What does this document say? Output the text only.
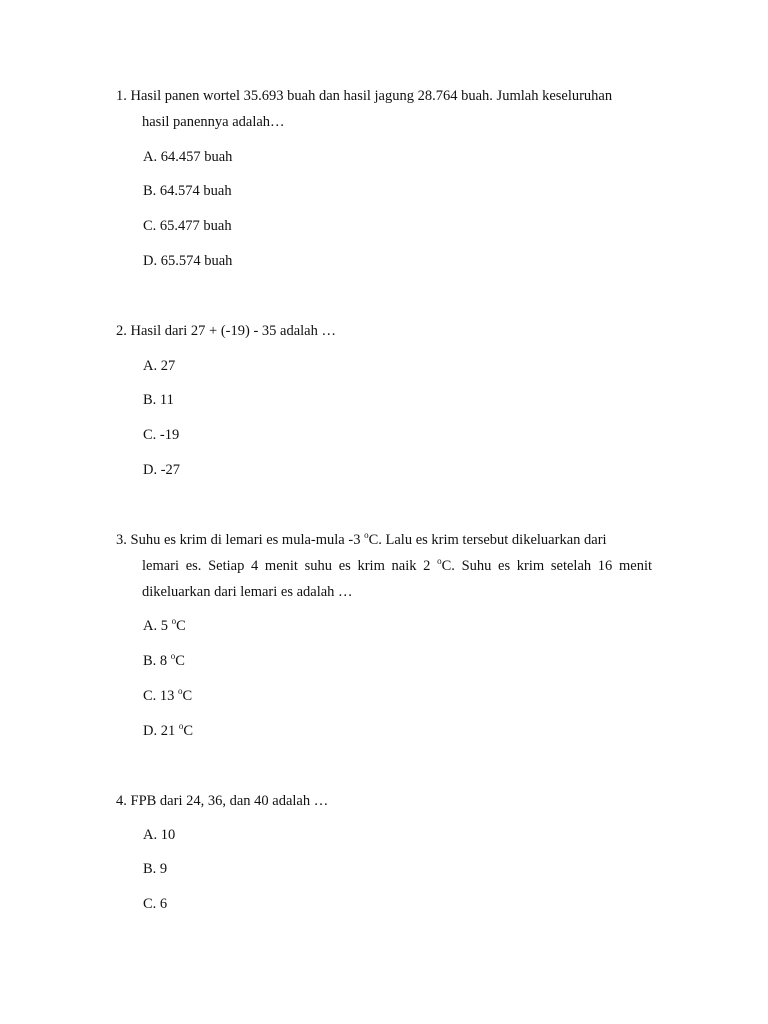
1. Hasil panen wortel 35.693 buah dan hasil jagung 28.764 buah. Jumlah keseluruhan
hasil panennya adalah…
A. 64.457 buah
B. 64.574 buah
C. 65.477 buah
D. 65.574 buah
2. Hasil dari 27 + (-19) - 35 adalah …
A. 27
B. 11
C. -19
D. -27
3. Suhu es krim di lemari es mula-mula -3 $^o$C. Lalu es krim tersebut dikeluarkan dari
lemari es. Setiap 4 menit suhu es krim naik 2 $^o$C. Suhu es krim setelah 16 menit
dikeluarkan dari lemari es adalah …
A. 5 $^o$C
B. 8 $^o$C
C. 13 $^o$C
D. 21 $^o$C
4. FPB dari 24, 36, dan 40 adalah …
A. 10
B. 9
C. 6
